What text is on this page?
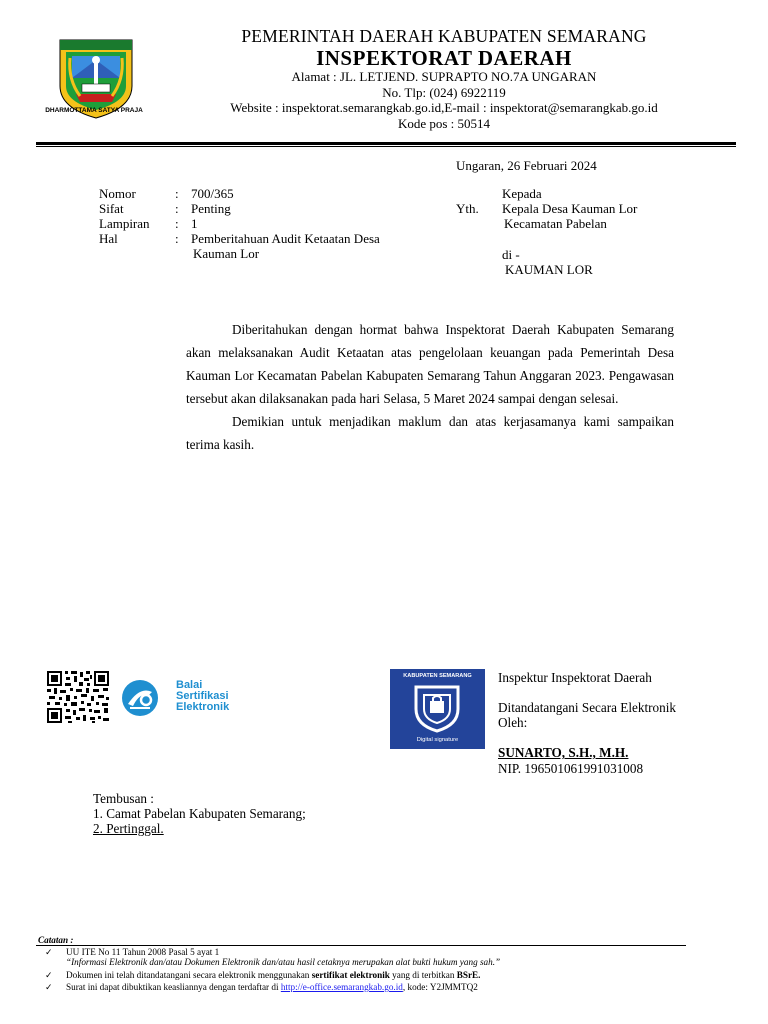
DHARMOTTAMA SATYA PRAJA
PEMERINTAH DAERAH KABUPATEN SEMARANG
INSPEKTORAT DAERAH
Alamat : JL. LETJEND. SUPRAPTO NO.7A UNGARAN
No. Tlp: (024) 6922119
Website : inspektorat.semarangkab.go.id,E-mail : inspektorat@semarangkab.go.id
Kode pos : 50514
Ungaran, 26 Februari 2024
Nomor	: 700/365
Sifat	: Penting
Lampiran : 1
Hal	: Pemberitahuan Audit Ketaatan Desa
Kauman Lor
Kepada
Yth. Kepala Desa Kauman Lor
Kecamatan Pabelan
di -
KAUMAN LOR

Diberitahukan dengan hormat bahwa Inspektorat Daerah Kabupaten Semarang akan melaksanakan Audit Ketaatan atas pengelolaan keuangan pada Pemerintah Desa Kauman Lor Kecamatan Pabelan Kabupaten Semarang Tahun Anggaran 2023. Pengawasan tersebut akan dilaksanakan pada hari Selasa, 5 Maret 2024 sampai dengan selesai.

Demikian untuk menjadikan maklum dan atas kerjasamanya kami sampaikan terima kasih.

Balai
Sertifikasi
Elektronik
KABUPATEN SEMARANG
Digital signature
Inspektur Inspektorat Daerah
Ditandatangani Secara Elektronik
Oleh:
SUNARTO, S.H., M.H.
NIP. 196501061991031008
Tembusan :
1. Camat Pabelan Kabupaten Semarang;
2. Pertinggal.
Catatan :
✓ UU ITE No 11 Tahun 2008 Pasal 5 ayat 1
“Informasi Elektronik dan/atau Dokumen Elektronik dan/atau hasil cetaknya merupakan alat bukti hukum yang sah.”
✓ Dokumen ini telah ditandatangani secara elektronik menggunakan sertifikat elektronik yang di terbitkan BSrE.
✓ Surat ini dapat dibuktikan keasliannya dengan terdaftar di http://e-office.semarangkab.go.id, kode: Y2JMMTQ2
